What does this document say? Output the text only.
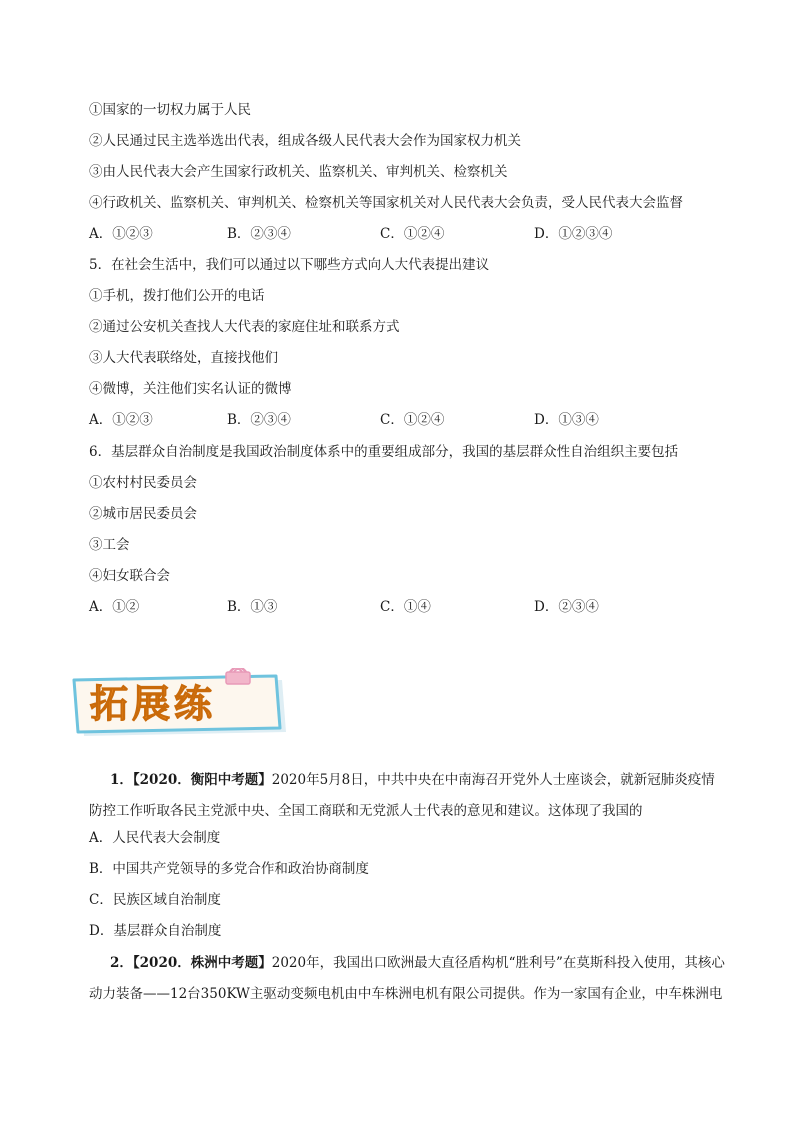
①国家的一切权力属于人民
②人民通过民主选举选出代表，组成各级人民代表大会作为国家权力机关
③由人民代表大会产生国家行政机关、监察机关、审判机关、检察机关
④行政机关、监察机关、审判机关、检察机关等国家机关对人民代表大会负责，受人民代表大会监督
A．①②③	B．②③④	C．①②④	D．①②③④
5．在社会生活中，我们可以通过以下哪些方式向人大代表提出建议
①手机，拨打他们公开的电话
②通过公安机关查找人大代表的家庭住址和联系方式
③人大代表联络处，直接找他们
④微博，关注他们实名认证的微博
A．①②③	B．②③④	C．①②④	D．①③④
6．基层群众自治制度是我国政治制度体系中的重要组成部分，我国的基层群众性自治组织主要包括
①农村村民委员会
②城市居民委员会
③工会
④妇女联合会
A．①②	B．①③	C．①④	D．②③④
拓展练
1．【2020．衡阳中考题】2020年5月8日，中共中央在中南海召开党外人士座谈会，就新冠肺炎疫情
防控工作听取各民主党派中央、全国工商联和无党派人士代表的意见和建议。这体现了我国的
A．人民代表大会制度
B．中国共产党领导的多党合作和政治协商制度
C．民族区域自治制度
D．基层群众自治制度
2．【2020．株洲中考题】2020年，我国出口欧洲最大直径盾构机“胜利号”在莫斯科投入使用，其核心
动力装备——12台350KW主驱动变频电机由中车株洲电机有限公司提供。作为一家国有企业，中车株洲电
